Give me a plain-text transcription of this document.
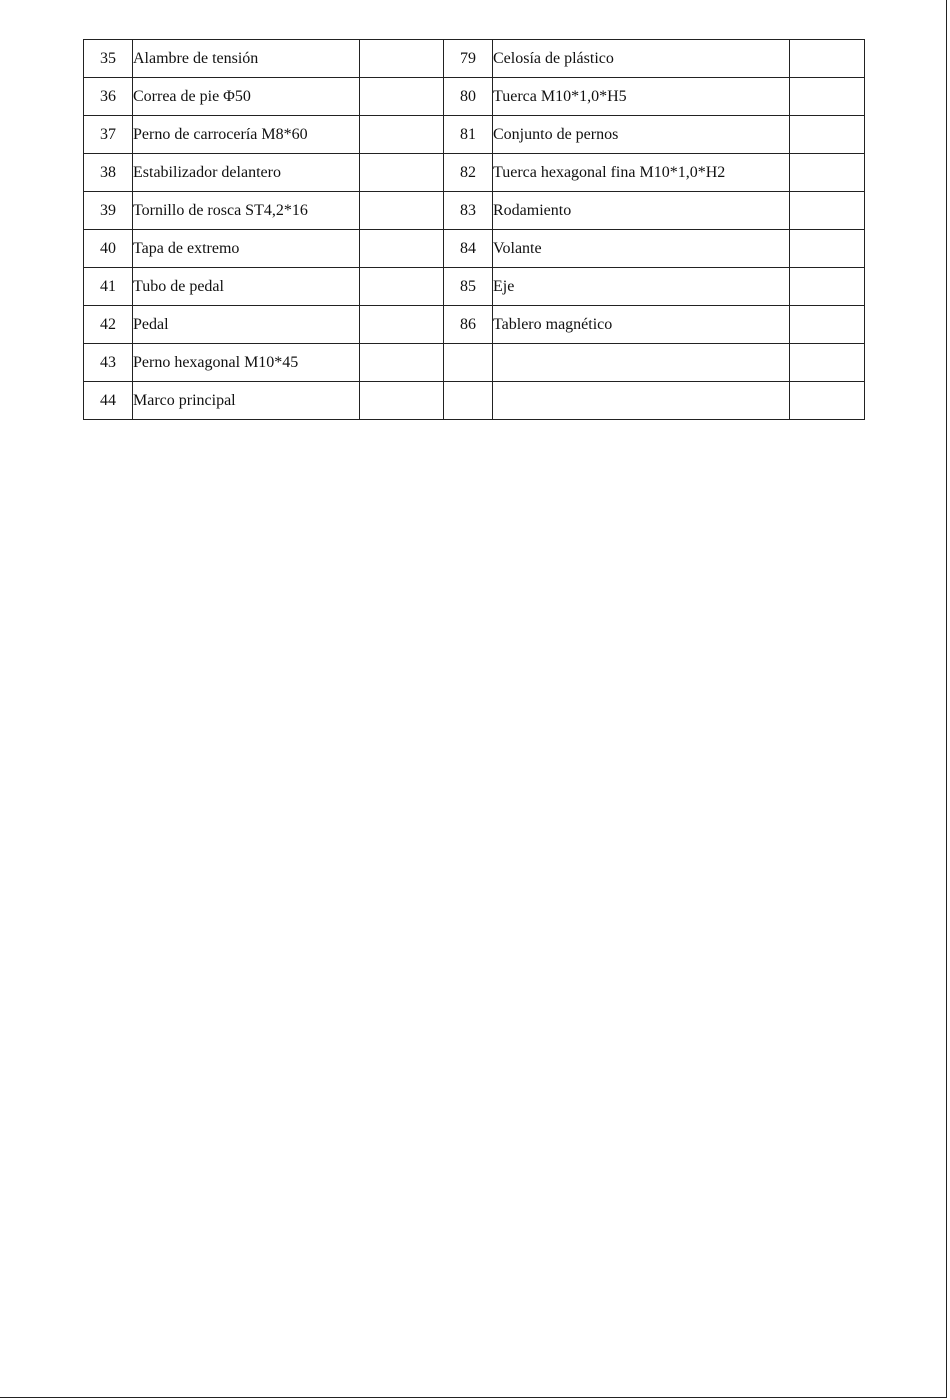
35	Alambre de tensión		79	Celosía de plástico	
36	Correa de pie Φ50		80	Tuerca M10*1,0*H5	
37	Perno de carrocería M8*60		81	Conjunto de pernos	
38	Estabilizador delantero		82	Tuerca hexagonal fina M10*1,0*H2	
39	Tornillo de rosca ST4,2*16		83	Rodamiento	
40	Tapa de extremo		84	Volante	
41	Tubo de pedal		85	Eje	
42	Pedal		86	Tablero magnético	
43	Perno hexagonal M10*45				
44	Marco principal				
